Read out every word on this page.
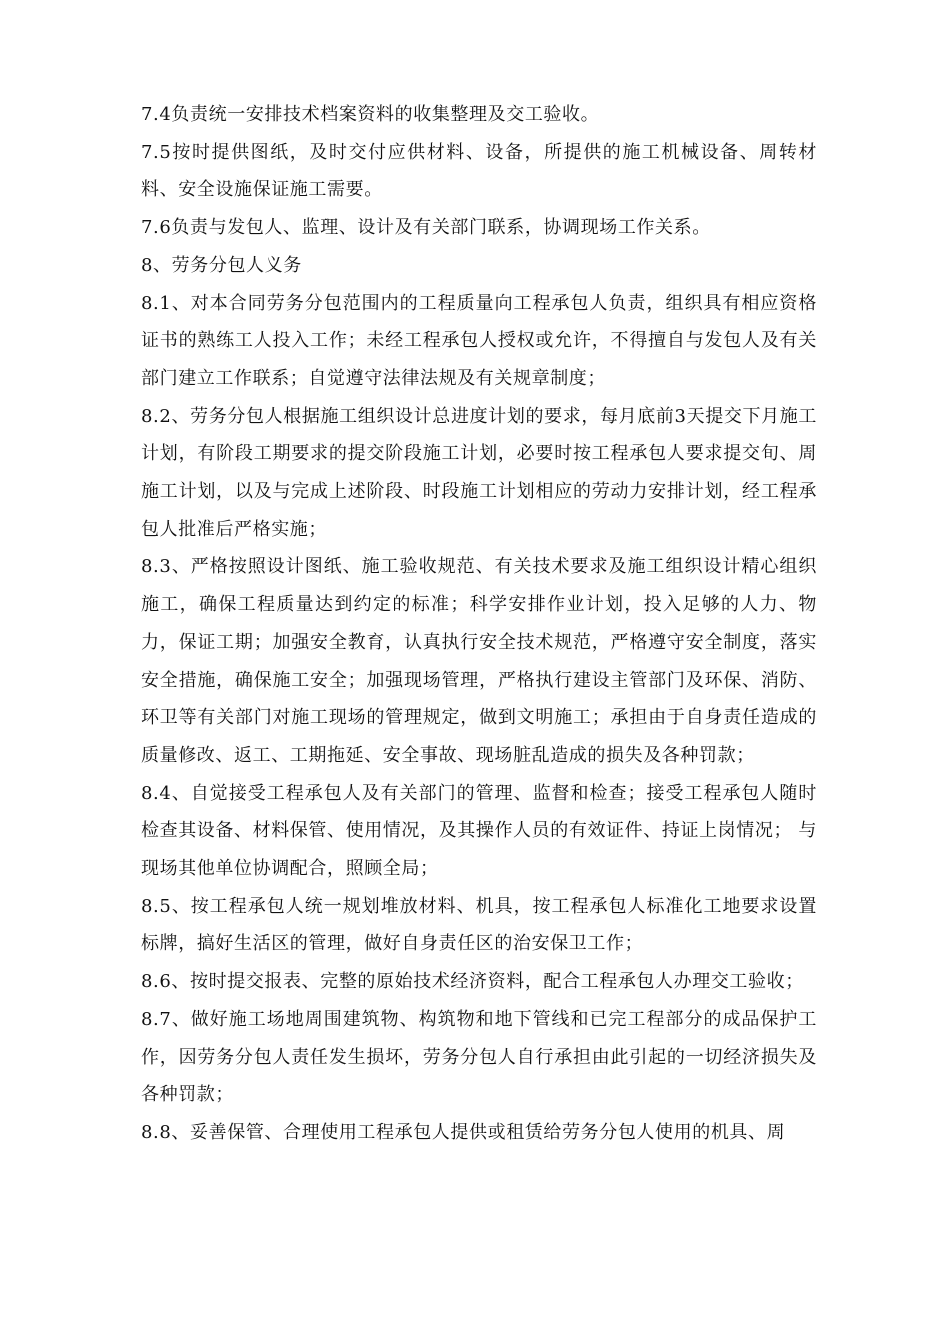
7.4负责统一安排技术档案资料的收集整理及交工验收。

7.5按时提供图纸，及时交付应供材料、设备，所提供的施工机械设备、周转材料、安全设施保证施工需要。

7.6负责与发包人、监理、设计及有关部门联系，协调现场工作关系。

8、劳务分包人义务

8.1、对本合同劳务分包范围内的工程质量向工程承包人负责，组织具有相应资格证书的熟练工人投入工作；未经工程承包人授权或允许，不得擅自与发包人及有关部门建立工作联系；自觉遵守法律法规及有关规章制度；

8.2、劳务分包人根据施工组织设计总进度计划的要求，每月底前3天提交下月施工计划，有阶段工期要求的提交阶段施工计划，必要时按工程承包人要求提交旬、周施工计划，以及与完成上述阶段、时段施工计划相应的劳动力安排计划，经工程承包人批准后严格实施；

8.3、严格按照设计图纸、施工验收规范、有关技术要求及施工组织设计精心组织施工，确保工程质量达到约定的标准；科学安排作业计划，投入足够的人力、物力，保证工期；加强安全教育，认真执行安全技术规范，严格遵守安全制度，落实安全措施，确保施工安全；加强现场管理，严格执行建设主管部门及环保、消防、环卫等有关部门对施工现场的管理规定，做到文明施工；承担由于自身责任造成的质量修改、返工、工期拖延、安全事故、现场脏乱造成的损失及各种罚款；

8.4、自觉接受工程承包人及有关部门的管理、监督和检查；接受工程承包人随时检查其设备、材料保管、使用情况，及其操作人员的有效证件、持证上岗情况； 与现场其他单位协调配合，照顾全局；

8.5、按工程承包人统一规划堆放材料、机具，按工程承包人标准化工地要求设置标牌，搞好生活区的管理，做好自身责任区的治安保卫工作；

8.6、按时提交报表、完整的原始技术经济资料，配合工程承包人办理交工验收；

8.7、做好施工场地周围建筑物、构筑物和地下管线和已完工程部分的成品保护工作，因劳务分包人责任发生损坏，劳务分包人自行承担由此引起的一切经济损失及各种罚款；

8.8、妥善保管、合理使用工程承包人提供或租赁给劳务分包人使用的机具、周
